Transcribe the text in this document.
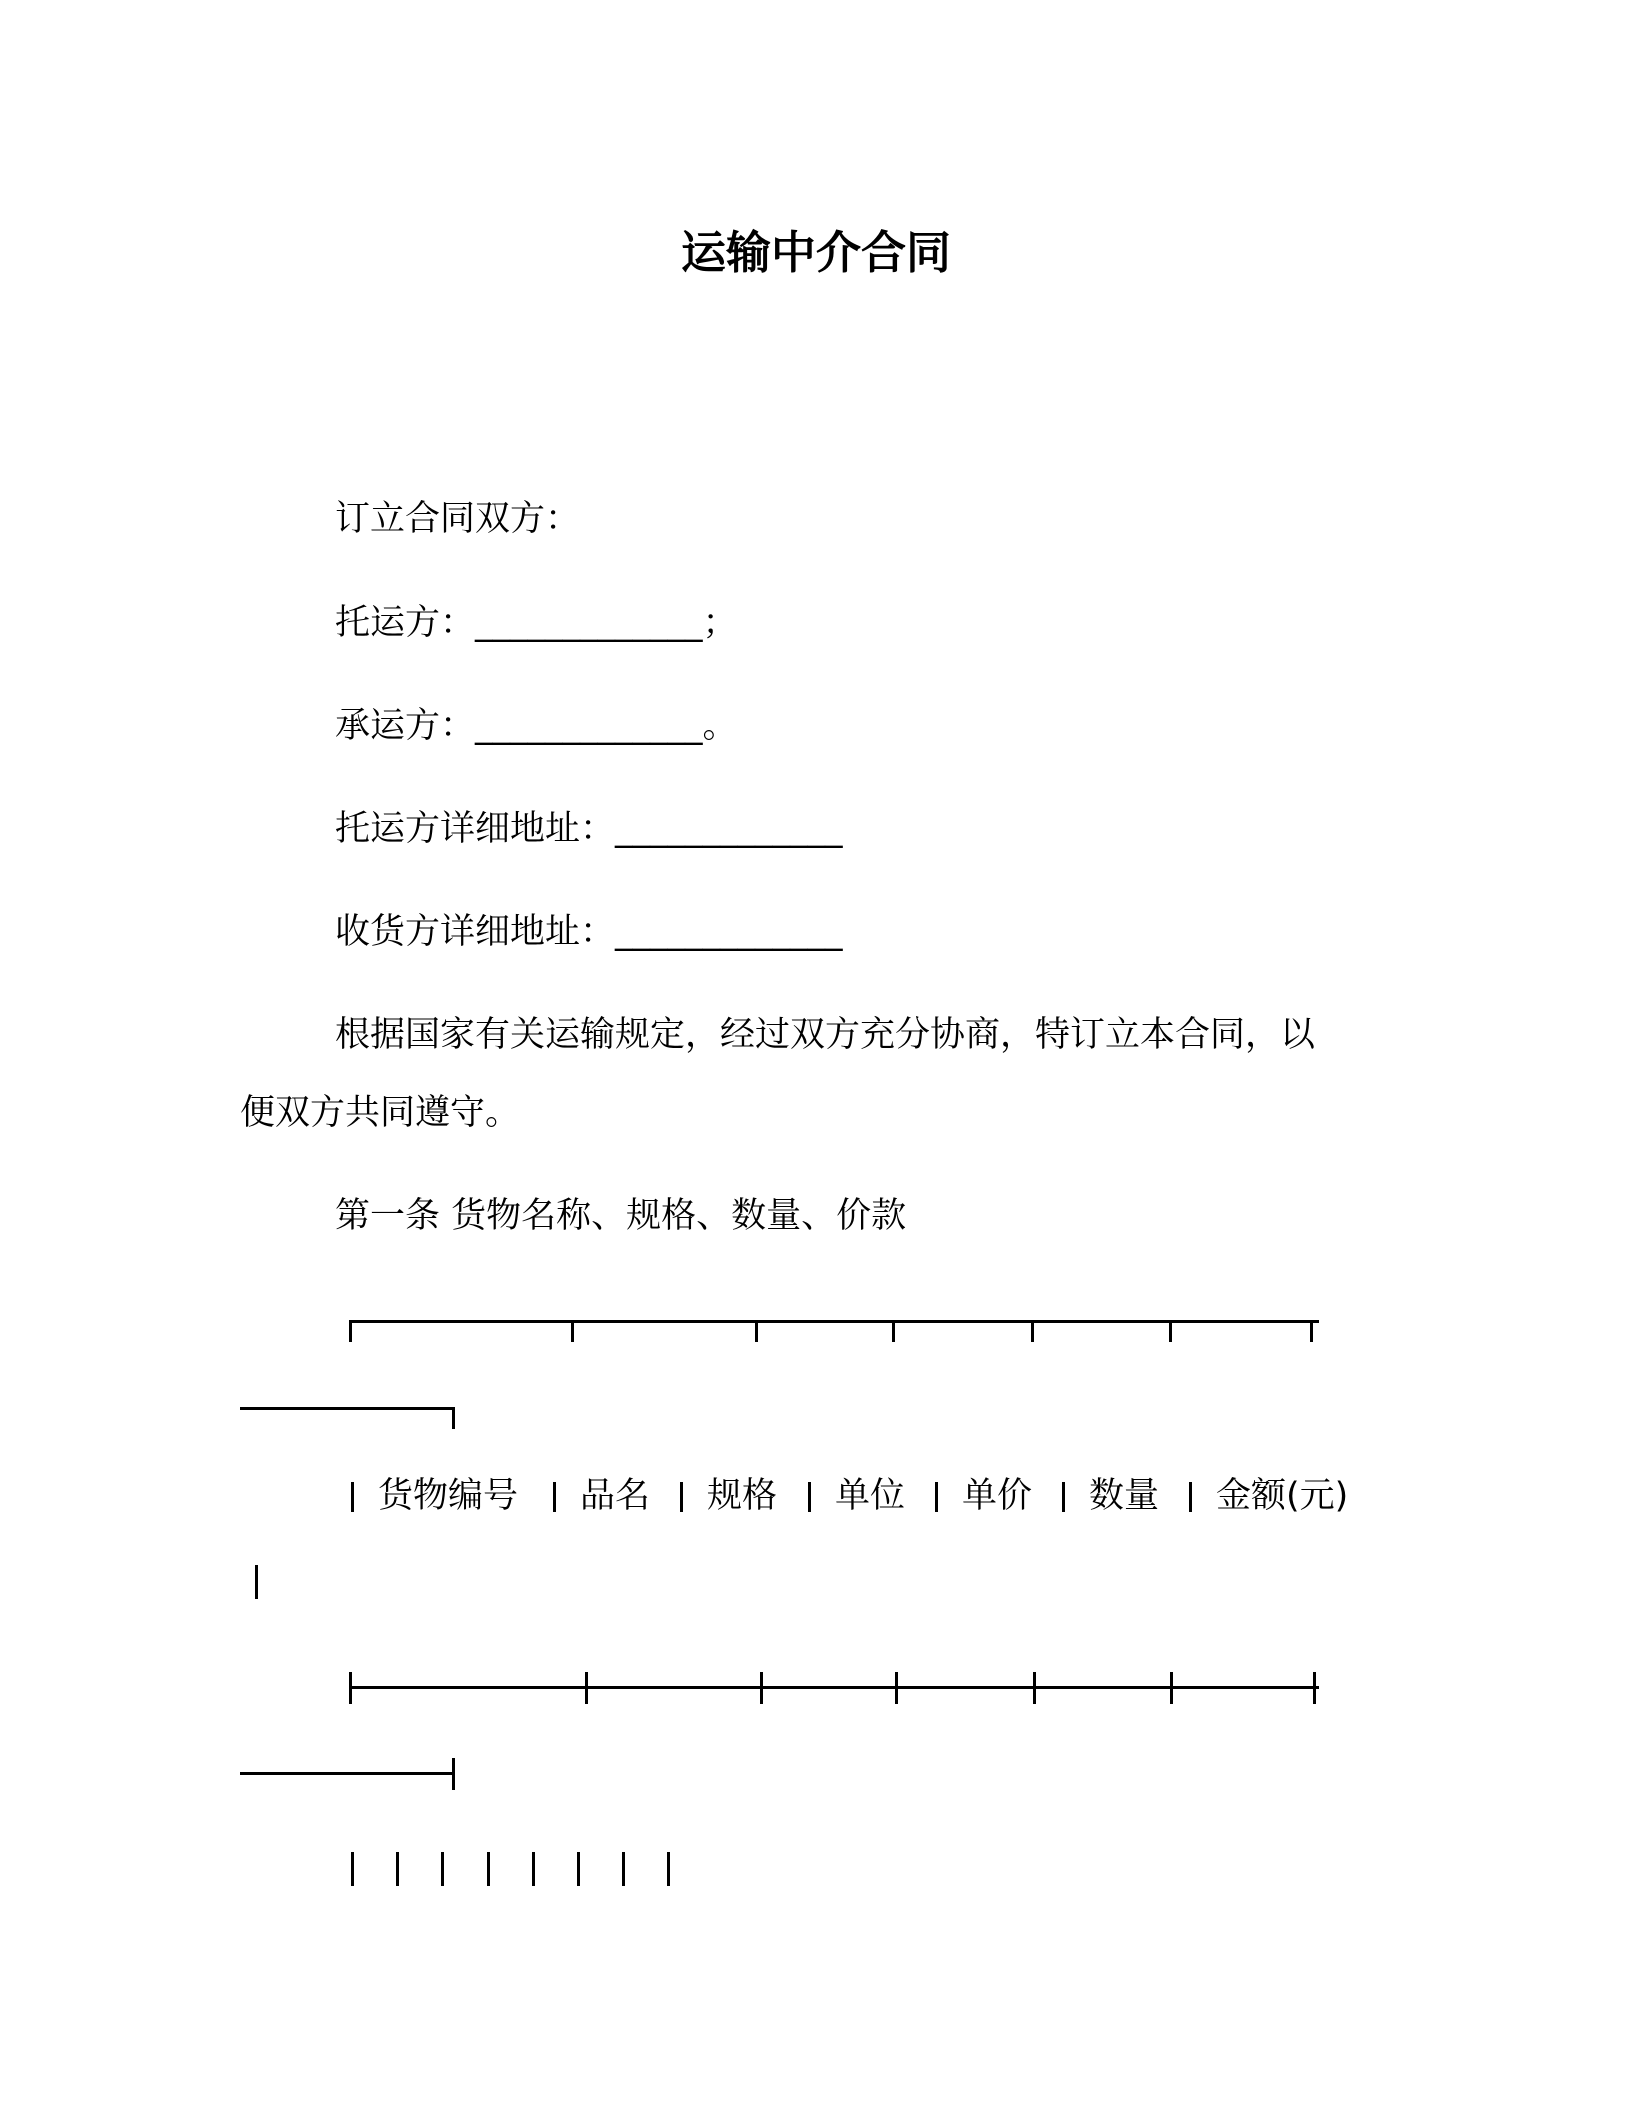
运输中介合同

订立合同双方：

托运方：_____________；

承运方：_____________。

托运方详细地址：_____________

收货方详细地址：_____________

根据国家有关运输规定，经过双方充分协商，特订立本合同，以

便双方共同遵守。

第一条 货物名称、规格、数量、价款

货物编号 品名 规格 单位 单价 数量 金额(元)
